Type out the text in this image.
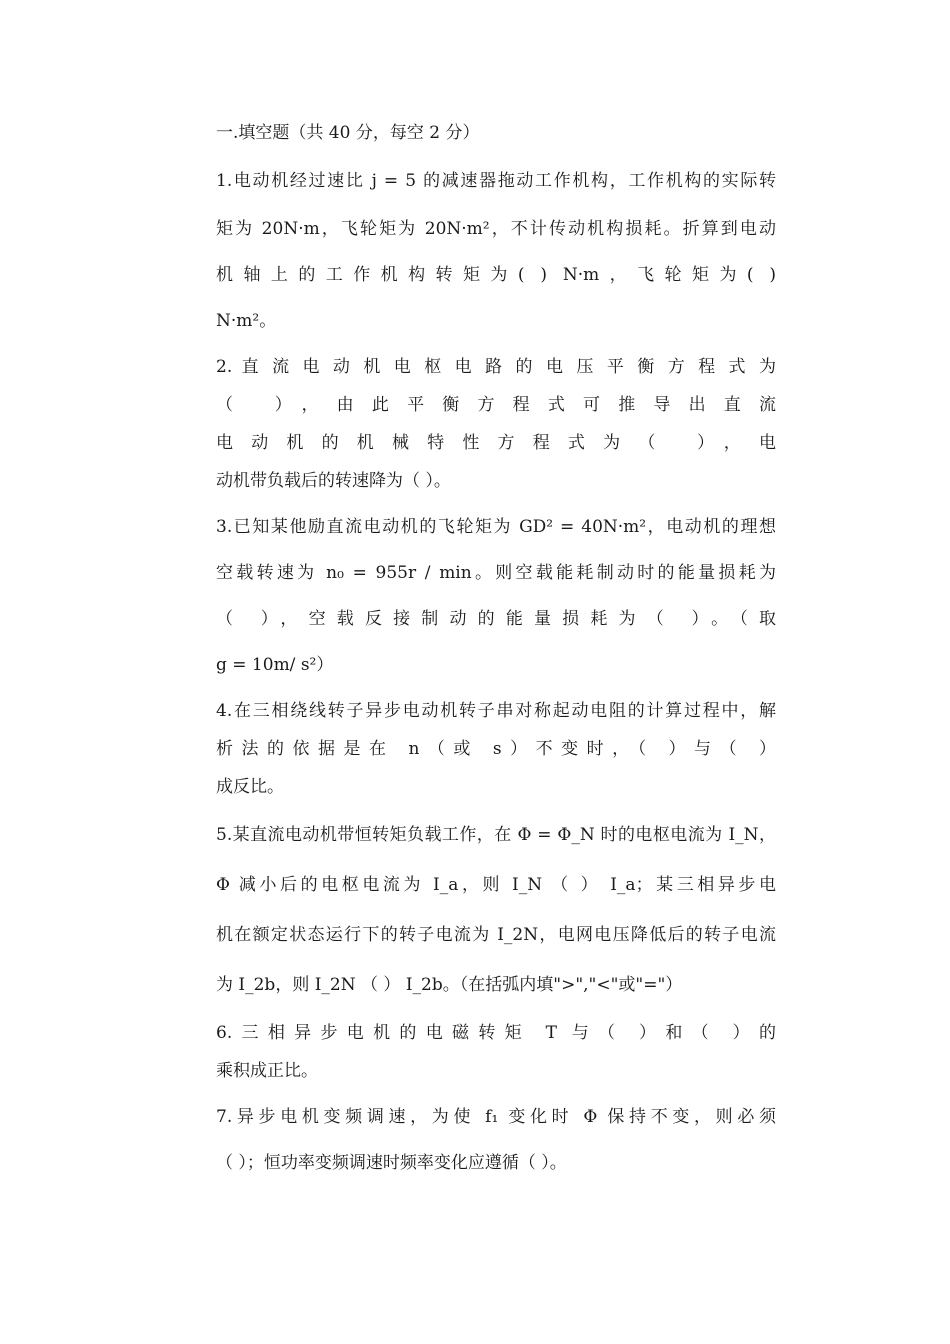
一.填空题（共 40 分，每空 2 分）
1.电动机经过速比 j = 5 的减速器拖动工作机构，工作机构的实际转
矩为 20N·m，飞轮矩为 20N·m²，不计传动机构损耗。折算到电动
机轴上的工作机构转矩为( ) N·m，飞轮矩为( )
N·m²。
2. 直 流 电 动 机 电 枢 电 路 的 电 压 平 衡 方 程 式 为
（ ），由此平衡方程式可推导出直流
电动机的机械特性方程式为（ ），电
动机带负载后的转速降为（ ）。
3.已知某他励直流电动机的飞轮矩为 GD² = 40N·m²，电动机的理想
空载转速为 n₀ = 955r / min。则空载能耗制动时的能量损耗为
（ ），空载反接制动的能量损耗为（ ）。（取
g = 10m/ s²）
4.在三相绕线转子异步电动机转子串对称起动电阻的计算过程中，解
析法的依据是在 n（或 s）不变时，（ ）与（ ）
成反比。
5.某直流电动机带恒转矩负载工作，在 Φ = Φ_N 时的电枢电流为 I_N，
Φ 减小后的电枢电流为 I_a，则 I_N （ ） I_a；某三相异步电
机在额定状态运行下的转子电流为 I_2N，电网电压降低后的转子电流
为 I_2b，则 I_2N （ ） I_2b。（在括弧内填">","<"或"="）
6.三相异步电机的电磁转矩 T 与（ ）和（ ）的
乘积成正比。
7.异步电机变频调速，为使 f₁ 变化时 Φ 保持不变，则必须
（ ）；恒功率变频调速时频率变化应遵循（ ）。
